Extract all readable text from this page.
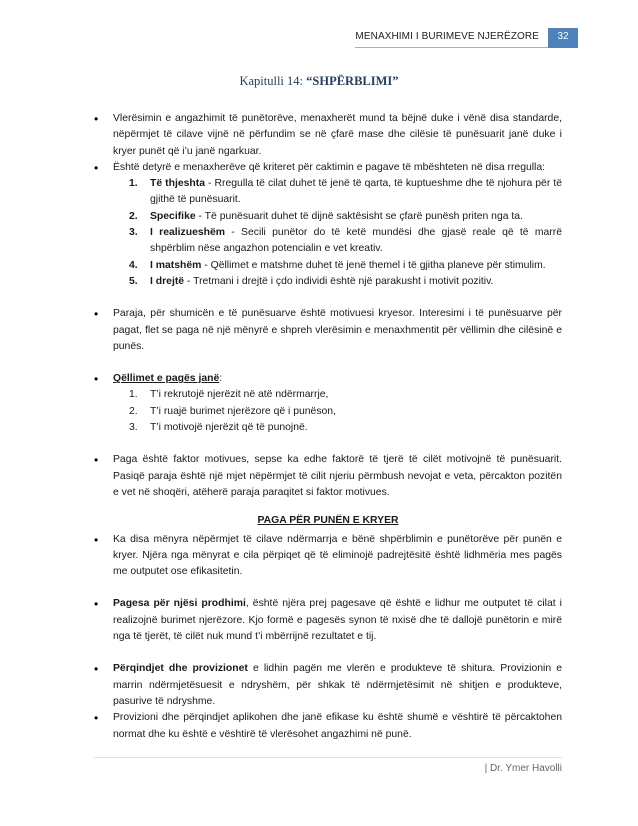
MENAXHIMI I BURIMEVE NJERËZORE	32
Kapitulli 14: “SHPËRBLIMI”

• Vlerësimin e angazhimit të punëtorëve, menaxherët mund ta bëjnë duke i vënë disa standarde, nëpërmjet të cilave vijnë në përfundim se në çfarë mase dhe cilësie të punësuarit janë duke i kryer punët që i’u janë ngarkuar.

• Është detyrë e menaxherëve që kriteret për caktimin e pagave të mbështeten në disa rregulla:

1. Të thjeshta - Rregulla të cilat duhet të jenë të qarta, të kuptueshme dhe të njohura për të gjithë të punësuarit.
2. Specifike - Të punësuarit duhet të dijnë saktësisht se çfarë punësh priten nga ta.
3. I realizueshëm - Secili punëtor do të ketë mundësi dhe gjasë reale që të marrë shpërblim nëse angazhon potencialin e vet kreativ.
4. I matshëm - Qëllimet e matshme duhet të jenë themel i të gjitha planeve për stimulim.
5. I drejtë - Tretmani i drejtë i çdo individi është një parakusht i motivit pozitiv.

• Paraja, për shumicën e të punësuarve është motivuesi kryesor. Interesimi i të punësuarve për pagat, flet se paga në një mënyrë e shpreh vlerësimin e menaxhmentit për vëllimin dhe cilësinë e punës.

• Qëllimet e pagës janë:

1. T’i rekrutojë njerëzit në atë ndërmarrje,
2. T’i ruajë burimet njerëzore që i punëson,
3. T’i motivojë njerëzit që të punojnë.

• Paga është faktor motivues, sepse ka edhe faktorë të tjerë të cilët motivojnë të punësuarit. Pasiqë paraja është një mjet nëpërmjet të cilit njeriu përmbush nevojat e veta, përcakton pozitën e vet në shoqëri, atëherë paraja paraqitet si faktor motivues.

PAGA PËR PUNËN E KRYER

• Ka disa mënyra nëpërmjet të cilave ndërmarrja e bënë shpërblimin e punëtorëve për punën e kryer. Njëra nga mënyrat e cila përpiqet që të eliminojë padrejtësitë është lidhmëria mes pagës me outputet ose efikasitetin.

• Pagesa për njësi prodhimi, është njëra prej pagesave që është e lidhur me outputet të cilat i realizojnë burimet njerëzore. Kjo formë e pagesës synon të nxisë dhe të dallojë punëtorin e mirë nga të tjerët, të cilët nuk mund t’i mbërrijnë rezultatet e tij.

• Përqindjet dhe provizionet e lidhin pagën me vlerën e produkteve të shitura. Provizionin e marrin ndërmjetësuesit e ndryshëm, për shkak të ndërmjetësimit në shitjen e produkteve, pasurive të ndryshme.

• Provizioni dhe përqindjet aplikohen dhe janë efikase ku është shumë e vështirë të përcaktohen normat dhe ku është e vështirë të vlerësohet angazhimi në punë.

| Dr. Ymer Havolli
